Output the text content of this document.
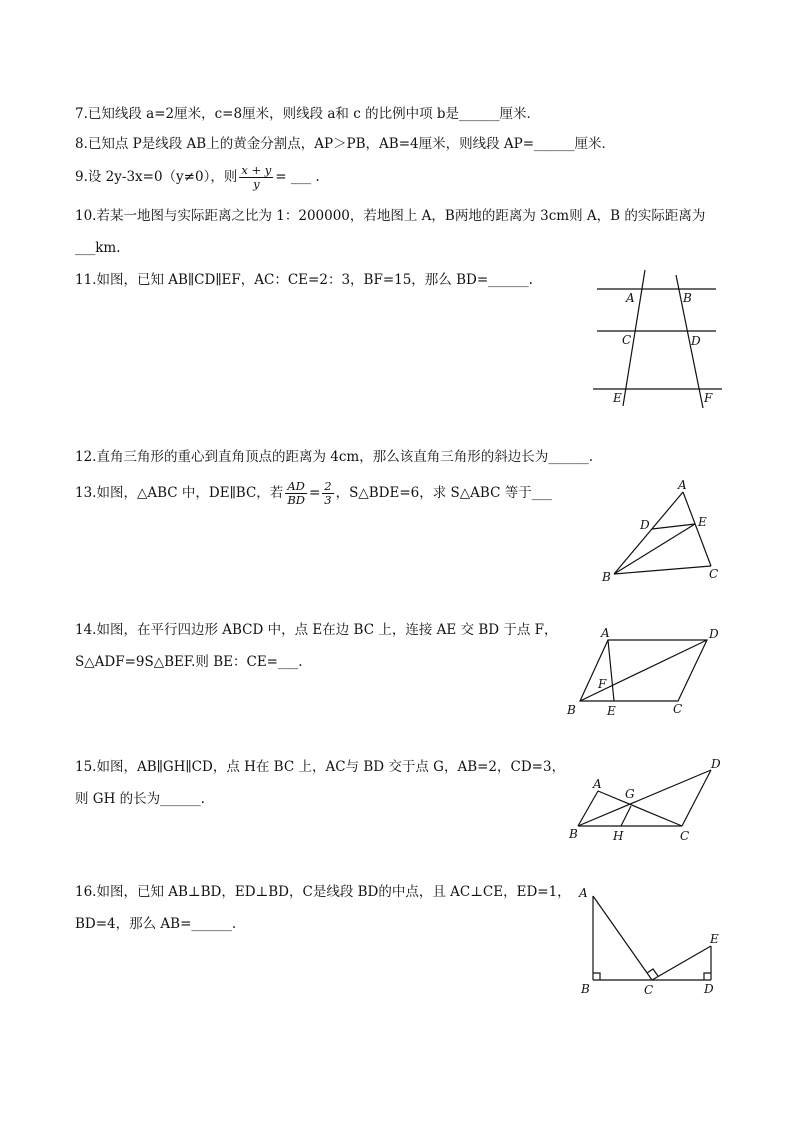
7.已知线段 a=2厘米，c=8厘米，则线段 a和 c 的比例中项 b是______厘米．
8.已知点 P是线段 AB上的黄金分割点，AP＞PB，AB=4厘米，则线段 AP=______厘米．
9.设 2y-3x=0（y≠0），则 $\frac{x + y}{y}$ = ___ .
10.若某一地图与实际距离之比为 1：200000，若地图上 A，B两地的距离为 3cm则 A，B 的实际距离为
___km.
11.如图，已知 AB∥CD∥EF，AC：CE=2：3，BF=15，那么 BD=______.
12.直角三角形的重心到直角顶点的距离为 4cm，那么该直角三角形的斜边长为______.
13.如图，△ABC 中，DE∥BC，若 $\frac{AD}{BD} = \frac{2}{3}$ ，S△BDE=6，求 S△ABC 等于___
14.如图，在平行四边形 ABCD 中，点 E在边 BC 上，连接 AE 交 BD 于点 F，
S△ADF=9S△BEF.则 BE：CE=___.
15.如图，AB∥GH∥CD，点 H在 BC 上，AC与 BD 交于点 G，AB=2，CD=3，
则 GH 的长为______.
16.如图，已知 AB⊥BD，ED⊥BD，C是线段 BD的中点，且 AC⊥CE，ED=1，
BD=4，那么 AB=______.
A	B
C	D
E	F
A
D	E
B	C
A	D
F
B	E	C
D
A
G
B	H	C
A
E
B	C	D
